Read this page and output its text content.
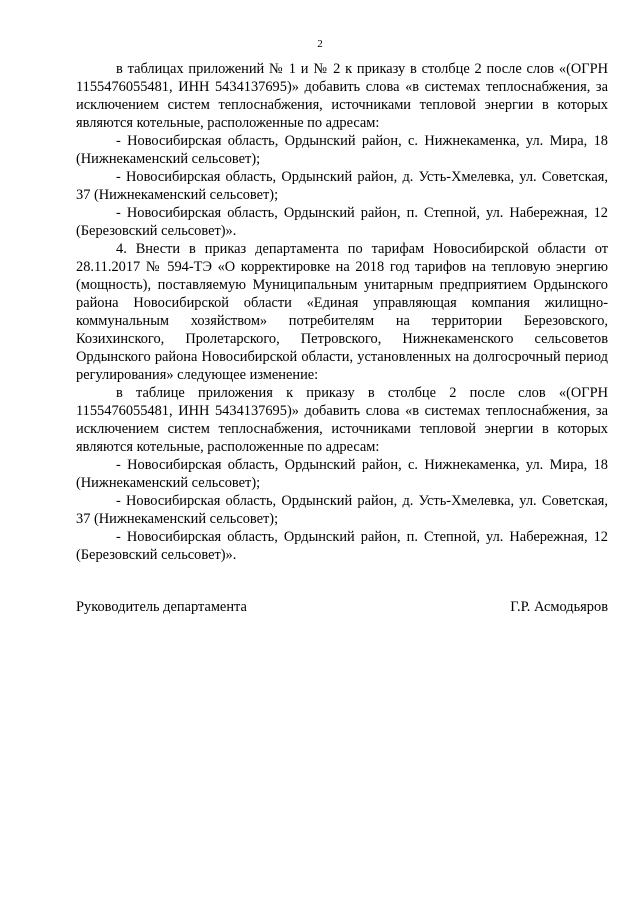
2

в таблицах приложений № 1 и № 2 к приказу в столбце 2 после слов «(ОГРН 1155476055481, ИНН 5434137695)» добавить слова «в системах теплоснабжения, за исключением систем теплоснабжения, источниками тепловой энергии в которых являются котельные, расположенные по адресам:

- Новосибирская область, Ордынский район, с. Нижнекаменка, ул. Мира, 18 (Нижнекаменский сельсовет);

- Новосибирская область, Ордынский район, д. Усть-Хмелевка, ул. Советская, 37 (Нижнекаменский сельсовет);

- Новосибирская область, Ордынский район, п. Степной, ул. Набережная, 12 (Березовский сельсовет)».

4. Внести в приказ департамента по тарифам Новосибирской области от 28.11.2017 № 594-ТЭ «О корректировке на 2018 год тарифов на тепловую энергию (мощность), поставляемую Муниципальным унитарным предприятием Ордынского района Новосибирской области «Единая управляющая компания жилищно-коммунальным хозяйством» потребителям на территории Березовского, Козихинского, Пролетарского, Петровского, Нижнекаменского сельсоветов Ордынского района Новосибирской области, установленных на долгосрочный период регулирования» следующее изменение:

в таблице приложения к приказу в столбце 2 после слов «(ОГРН 1155476055481, ИНН 5434137695)» добавить слова «в системах теплоснабжения, за исключением систем теплоснабжения, источниками тепловой энергии в которых являются котельные, расположенные по адресам:

- Новосибирская область, Ордынский район, с. Нижнекаменка, ул. Мира, 18 (Нижнекаменский сельсовет);

- Новосибирская область, Ордынский район, д. Усть-Хмелевка, ул. Советская, 37 (Нижнекаменский сельсовет);

- Новосибирская область, Ордынский район, п. Степной, ул. Набережная, 12 (Березовский сельсовет)».

Руководитель департамента	Г.Р. Асмодьяров
